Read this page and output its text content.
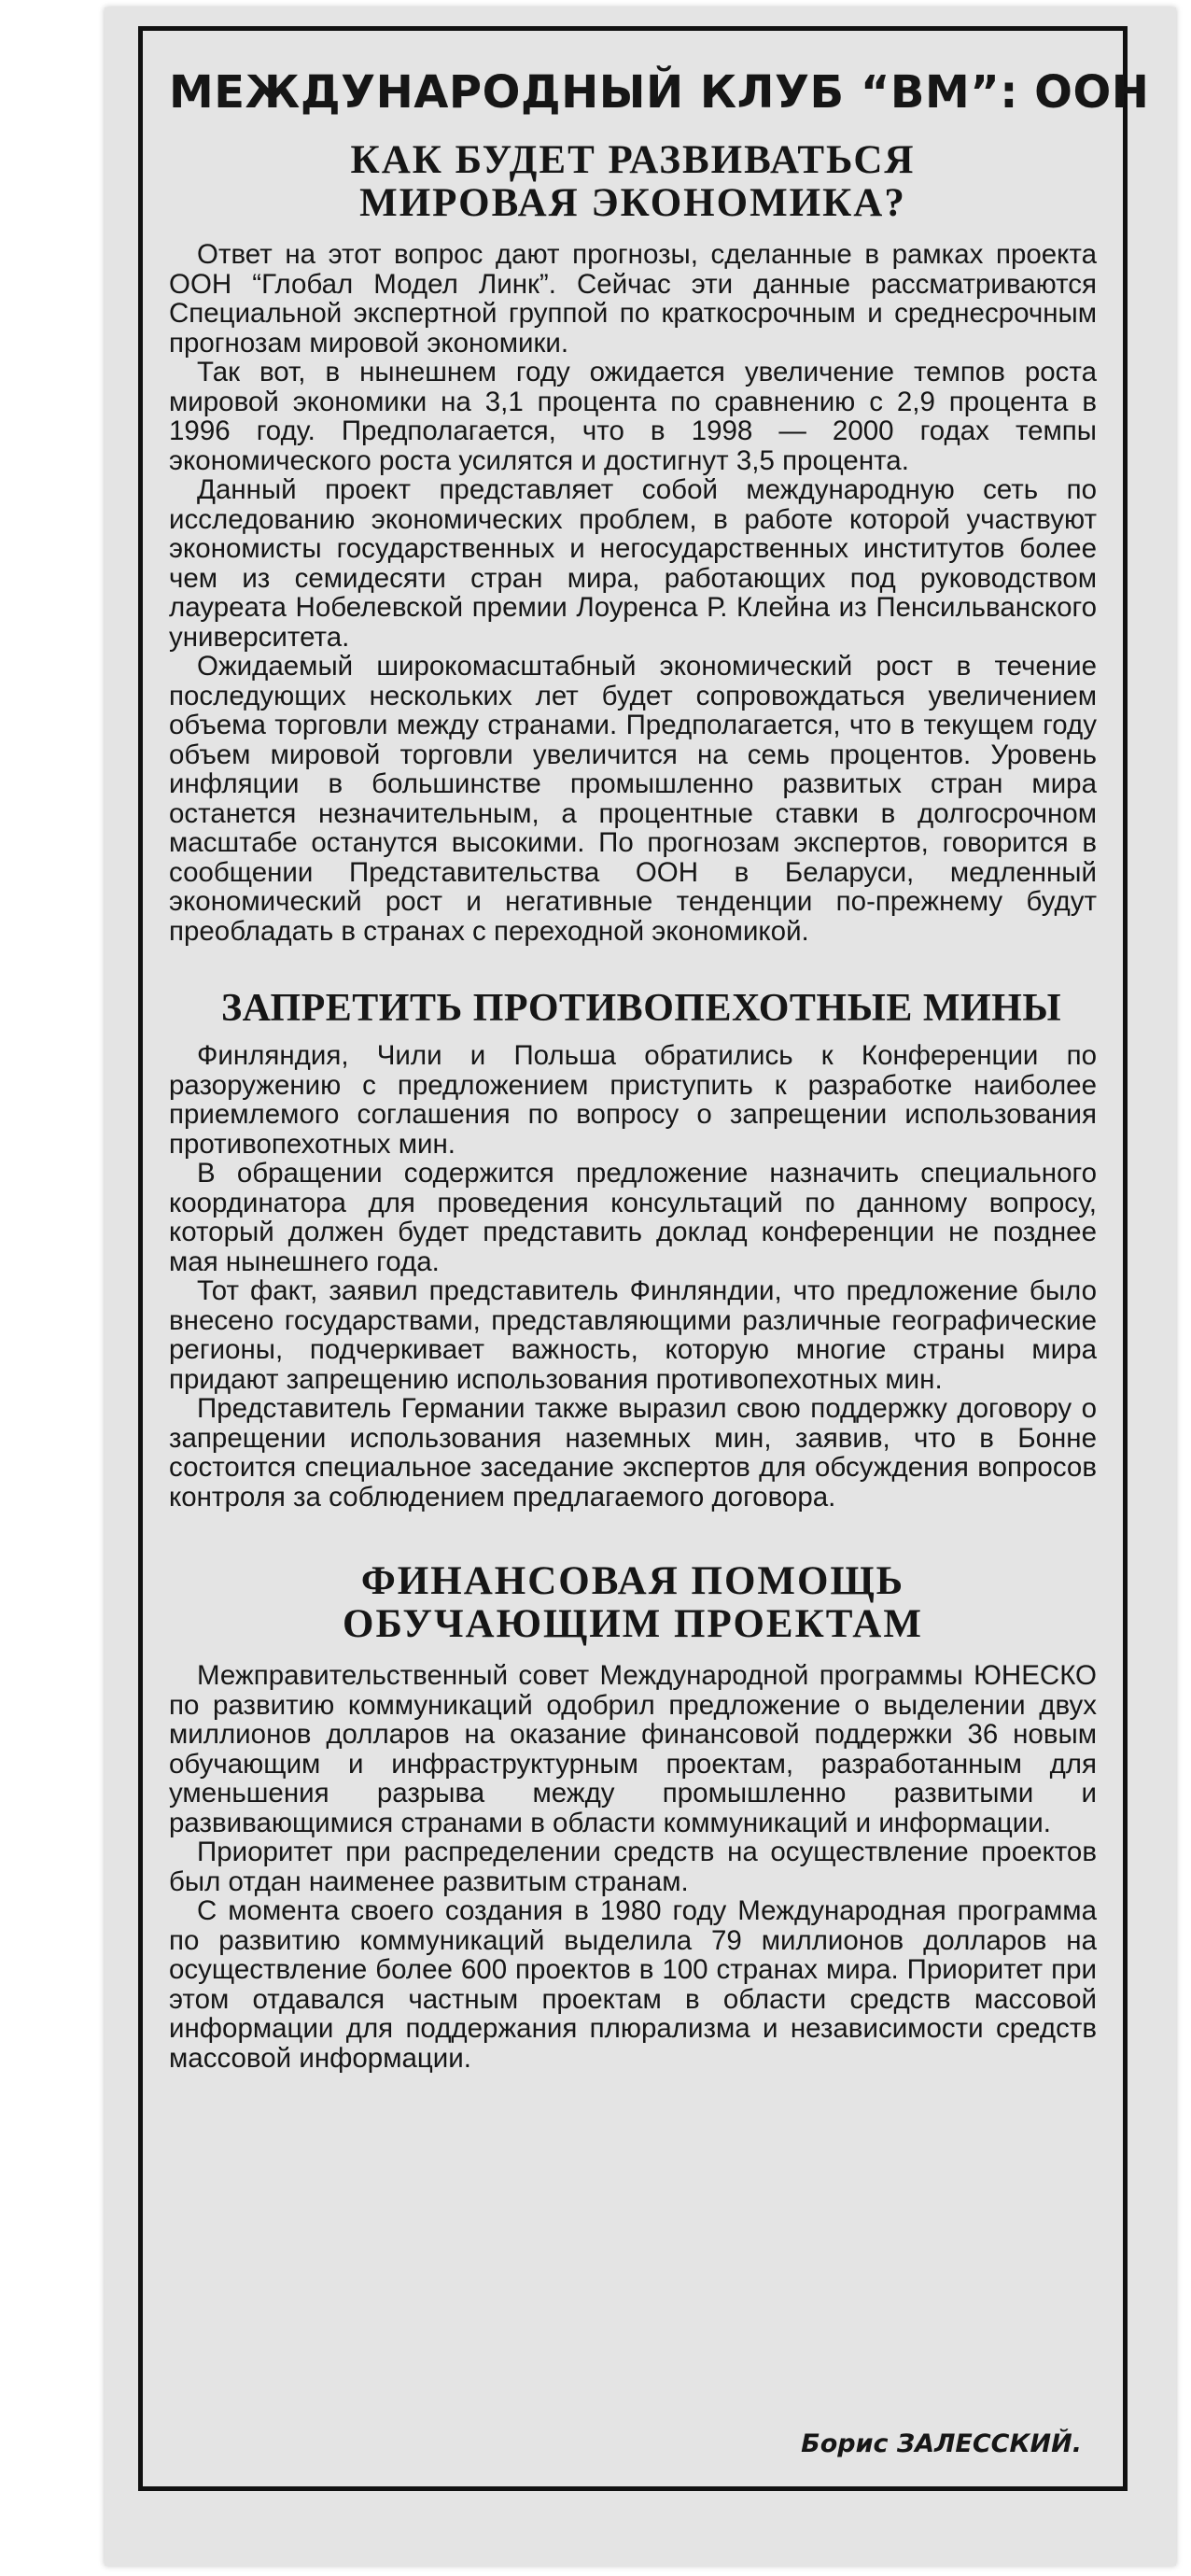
МЕЖДУНАРОДНЫЙ КЛУБ “ВМ”: ООН
КАК БУДЕТ РАЗВИВАТЬСЯ
МИРОВАЯ ЭКОНОМИКА?

Ответ на этот вопрос дают прогнозы, сделанные в рамках проекта ООН “Глобал Модел Линк”. Сейчас эти данные рассматриваются Специальной экспертной группой по краткосрочным и среднесрочным прогнозам мировой экономики.

Так вот, в нынешнем году ожидается увеличение темпов роста мировой экономики на 3,1 процента по сравнению с 2,9 процента в 1996 году. Предполагается, что в 1998 — 2000 годах темпы экономического роста усилятся и достигнут 3,5 процента.

Данный проект представляет собой международную сеть по исследованию экономических проблем, в работе которой участвуют экономисты государственных и негосударственных институтов более чем из семидесяти стран мира, работающих под руководством лауреата Нобелевской премии Лоуренса Р. Клейна из Пенсильванского университета.

Ожидаемый широкомасштабный экономический рост в течение последующих нескольких лет будет сопровождаться увеличением объема торговли между странами. Предполагается, что в текущем году объем мировой торговли увеличится на семь процентов. Уровень инфляции в большинстве промышленно развитых стран мира останется незначительным, а процентные ставки в долгосрочном масштабе останутся высокими. По прогнозам экспертов, говорится в сообщении Представительства ООН в Беларуси, медленный экономический рост и негативные тенденции по-прежнему будут преобладать в странах с переходной экономикой.

ЗАПРЕТИТЬ ПРОТИВОПЕХОТНЫЕ МИНЫ

Финляндия, Чили и Польша обратились к Конференции по разоружению с предложением приступить к разработке наиболее приемлемого соглашения по вопросу о запрещении использования противопехотных мин.

В обращении содержится предложение назначить специального координатора для проведения консультаций по данному вопросу, который должен будет представить доклад конференции не позднее мая нынешнего года.

Тот факт, заявил представитель Финляндии, что предложение было внесено государствами, представляющими различные географические регионы, подчеркивает важность, которую многие страны мира придают запрещению использования противопехотных мин.

Представитель Германии также выразил свою поддержку договору о запрещении использования наземных мин, заявив, что в Бонне состоится специальное заседание экспертов для обсуждения вопросов контроля за соблюдением предлагаемого договора.

ФИНАНСОВАЯ ПОМОЩЬ
ОБУЧАЮЩИМ ПРОЕКТАМ

Межправительственный совет Международной программы ЮНЕСКО по развитию коммуникаций одобрил предложение о выделении двух миллионов долларов на оказание финансовой поддержки 36 новым обучающим и инфраструктурным проектам, разработанным для уменьшения разрыва между промышленно развитыми и развивающимися странами в области коммуникаций и информации.

Приоритет при распределении средств на осуществление проектов был отдан наименее развитым странам.

С момента своего создания в 1980 году Международная программа по развитию коммуникаций выделила 79 миллионов долларов на осуществление более 600 проектов в 100 странах мира. Приоритет при этом отдавался частным проектам в области средств массовой информации для поддержания плюрализма и независимости средств массовой информации.

Борис ЗАЛЕССКИЙ.
